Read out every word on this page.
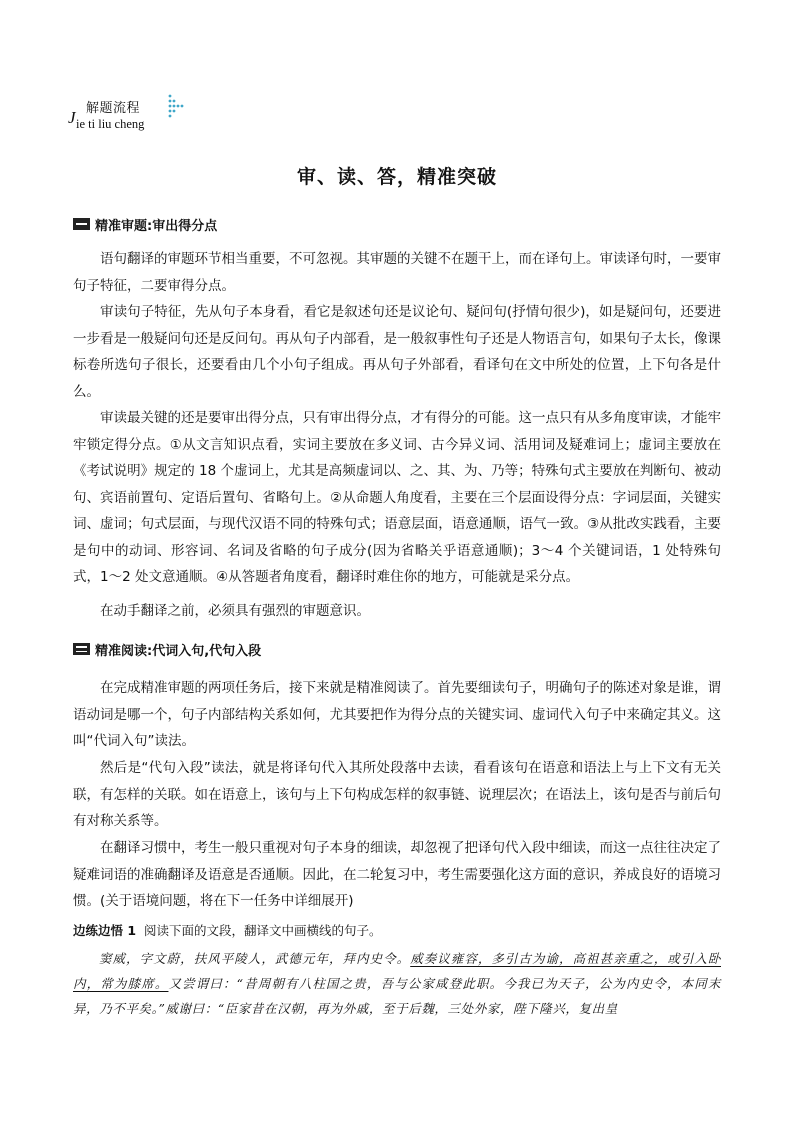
J 解题流程
ie ti liu cheng
审、读、答，精准突破
精准审题:审出得分点

语句翻译的审题环节相当重要，不可忽视。其审题的关键不在题干上，而在译句上。审读译句时，一要审句子特征，二要审得分点。

审读句子特征，先从句子本身看，看它是叙述句还是议论句、疑问句(抒情句很少)，如是疑问句，还要进一步看是一般疑问句还是反问句。再从句子内部看，是一般叙事性句子还是人物语言句，如果句子太长，像课标卷所选句子很长，还要看由几个小句子组成。再从句子外部看，看译句在文中所处的位置，上下句各是什么。

审读最关键的还是要审出得分点，只有审出得分点，才有得分的可能。这一点只有从多角度审读，才能牢牢锁定得分点。①从文言知识点看，实词主要放在多义词、古今异义词、活用词及疑难词上；虚词主要放在《考试说明》规定的 18 个虚词上，尤其是高频虚词以、之、其、为、乃等；特殊句式主要放在判断句、被动句、宾语前置句、定语后置句、省略句上。②从命题人角度看，主要在三个层面设得分点：字词层面，关键实词、虚词；句式层面，与现代汉语不同的特殊句式；语意层面，语意通顺，语气一致。③从批改实践看，主要是句中的动词、形容词、名词及省略的句子成分(因为省略关乎语意通顺)；3～4 个关键词语，1 处特殊句式，1～2 处文意通顺。④从答题者角度看，翻译时难住你的地方，可能就是采分点。

在动手翻译之前，必须具有强烈的审题意识。

精准阅读:代词入句,代句入段

在完成精准审题的两项任务后，接下来就是精准阅读了。首先要细读句子，明确句子的陈述对象是谁，谓语动词是哪一个，句子内部结构关系如何，尤其要把作为得分点的关键实词、虚词代入句子中来确定其义。这叫“代词入句”读法。

然后是“代句入段”读法，就是将译句代入其所处段落中去读，看看该句在语意和语法上与上下文有无关联，有怎样的关联。如在语意上，该句与上下句构成怎样的叙事链、说理层次；在语法上，该句是否与前后句有对称关系等。

在翻译习惯中，考生一般只重视对句子本身的细读，却忽视了把译句代入段中细读，而这一点往往决定了疑难词语的准确翻译及语意是否通顺。因此，在二轮复习中，考生需要强化这方面的意识，养成良好的语境习惯。(关于语境问题，将在下一任务中详细展开)

边练边悟 1 阅读下面的文段，翻译文中画横线的句子。

窦威，字文蔚，扶风平陵人，武德元年，拜内史令。威奏议雍容，多引古为谕，高祖甚亲重之，或引入卧内，常为膝席。又尝谓曰：“昔周朝有八柱国之贵，吾与公家咸登此职。今我已为天子，公为内史令，本同末异，乃不平矣。”威谢曰：“臣家昔在汉朝，再为外戚，至于后魏，三处外家，陛下隆兴，复出皇
